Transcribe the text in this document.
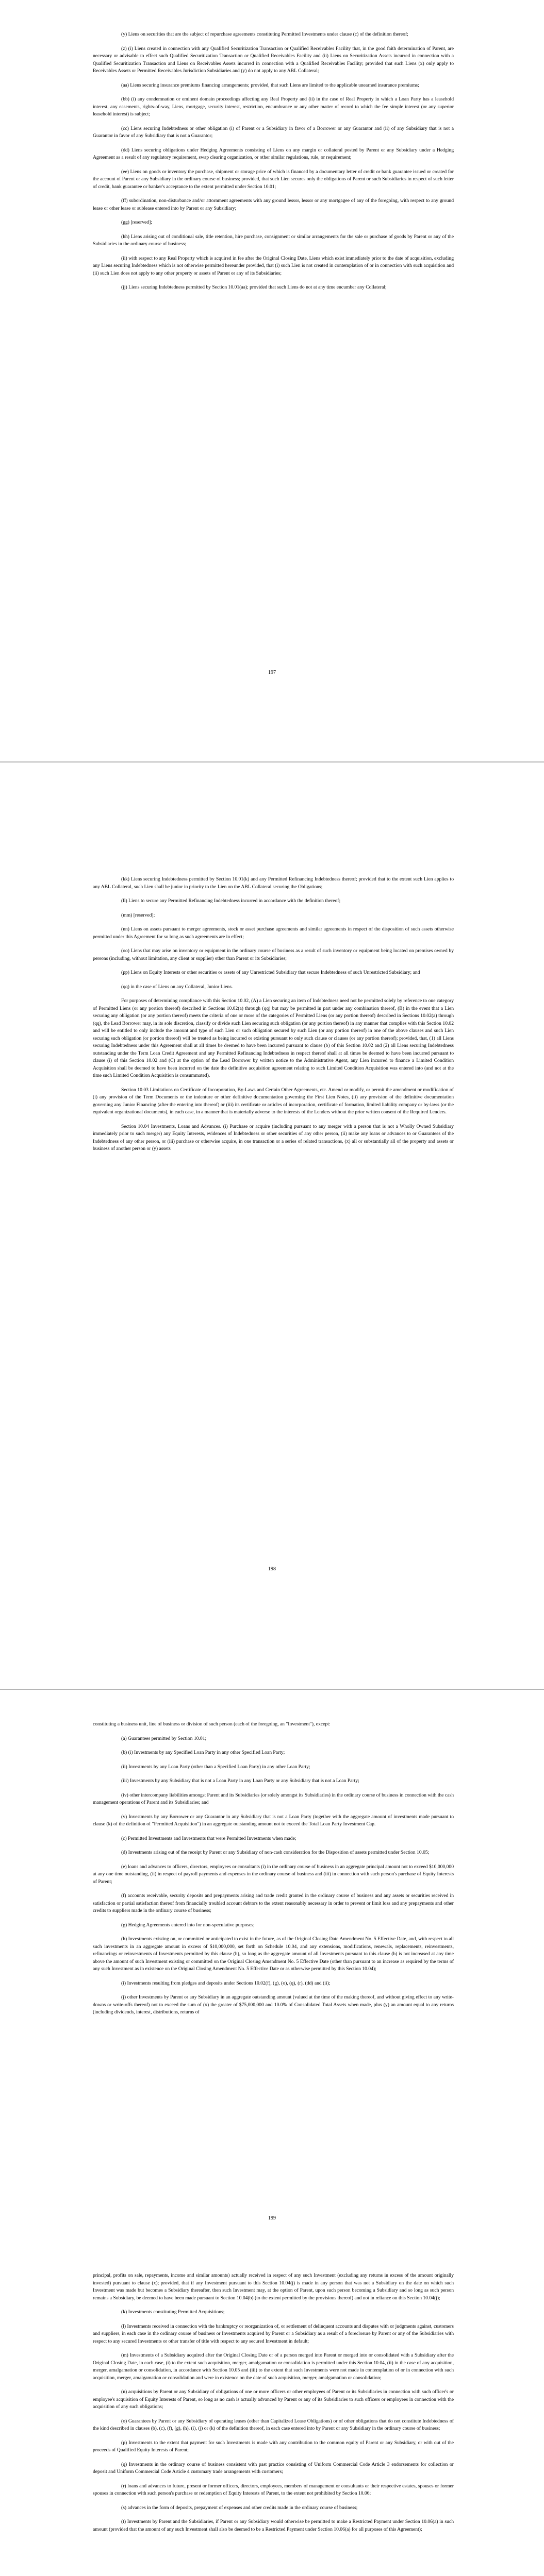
(y) Liens on securities that are the subject of repurchase agreements constituting Permitted Investments under clause (c) of the definition thereof;

(z) (i) Liens created in connection with any Qualified Securitization Transaction or Qualified Receivables Facility that, in the good faith determination of Parent, are necessary or advisable to effect such Qualified Securitization Transaction or Qualified Receivables Facility and (ii) Liens on Securitization Assets incurred in connection with a Qualified Securitization Transaction and Liens on Receivables Assets incurred in connection with a Qualified Receivables Facility; provided that such Liens (x) only apply to Receivables Assets or Permitted Receivables Jurisdiction Subsidiaries and (y) do not apply to any ABL Collateral;

(aa) Liens securing insurance premiums financing arrangements; provided, that such Liens are limited to the applicable unearned insurance premiums;

(bb) (i) any condemnation or eminent domain proceedings affecting any Real Property and (ii) in the case of Real Property in which a Loan Party has a leasehold interest, any easements, rights-of-way, Liens, mortgage, security interest, restriction, encumbrance or any other matter of record to which the fee simple interest (or any superior leasehold interest) is subject;

(cc) Liens securing Indebtedness or other obligation (i) of Parent or a Subsidiary in favor of a Borrower or any Guarantor and (ii) of any Subsidiary that is not a Guarantor in favor of any Subsidiary that is not a Guarantor;

(dd) Liens securing obligations under Hedging Agreements consisting of Liens on any margin or collateral posted by Parent or any Subsidiary under a Hedging Agreement as a result of any regulatory requirement, swap clearing organization, or other similar regulations, rule, or requirement;

(ee) Liens on goods or inventory the purchase, shipment or storage price of which is financed by a documentary letter of credit or bank guarantee issued or created for the account of Parent or any Subsidiary in the ordinary course of business; provided, that such Lien secures only the obligations of Parent or such Subsidiaries in respect of such letter of credit, bank guarantee or banker's acceptance to the extent permitted under Section 10.01;

(ff) subordination, non-disturbance and/or attornment agreements with any ground lessor, lessor or any mortgagee of any of the foregoing, with respect to any ground lease or other lease or sublease entered into by Parent or any Subsidiary;

(gg) [reserved];

(hh) Liens arising out of conditional sale, title retention, hire purchase, consignment or similar arrangements for the sale or purchase of goods by Parent or any of the Subsidiaries in the ordinary course of business;

(ii) with respect to any Real Property which is acquired in fee after the Original Closing Date, Liens which exist immediately prior to the date of acquisition, excluding any Liens securing Indebtedness which is not otherwise permitted hereunder provided, that (i) such Lien is not created in contemplation of or in connection with such acquisition and (ii) such Lien does not apply to any other property or assets of Parent or any of its Subsidiaries;

(jj) Liens securing Indebtedness permitted by Section 10.01(aa); provided that such Liens do not at any time encumber any Collateral;

197

(kk) Liens securing Indebtedness permitted by Section 10.01(k) and any Permitted Refinancing Indebtedness thereof; provided that to the extent such Lien applies to any ABL Collateral, such Lien shall be junior in priority to the Lien on the ABL Collateral securing the Obligations;

(ll) Liens to secure any Permitted Refinancing Indebtedness incurred in accordance with the definition thereof;

(mm) [reserved];

(nn) Liens on assets pursuant to merger agreements, stock or asset purchase agreements and similar agreements in respect of the disposition of such assets otherwise permitted under this Agreement for so long as such agreements are in effect;

(oo) Liens that may arise on inventory or equipment in the ordinary course of business as a result of such inventory or equipment being located on premises owned by persons (including, without limitation, any client or supplier) other than Parent or its Subsidiaries;

(pp) Liens on Equity Interests or other securities or assets of any Unrestricted Subsidiary that secure Indebtedness of such Unrestricted Subsidiary; and

(qq) in the case of Liens on any Collateral, Junior Liens.

For purposes of determining compliance with this Section 10.02, (A) a Lien securing an item of Indebtedness need not be permitted solely by reference to one category of Permitted Liens (or any portion thereof) described in Sections 10.02(a) through (qq) but may be permitted in part under any combination thereof, (B) in the event that a Lien securing any obligation (or any portion thereof) meets the criteria of one or more of the categories of Permitted Liens (or any portion thereof) described in Sections 10.02(a) through (qq), the Lead Borrower may, in its sole discretion, classify or divide such Lien securing such obligation (or any portion thereof) in any manner that complies with this Section 10.02 and will be entitled to only include the amount and type of such Lien or such obligation secured by such Lien (or any portion thereof) in one of the above clauses and such Lien securing such obligation (or portion thereof) will be treated as being incurred or existing pursuant to only such clause or clauses (or any portion thereof); provided, that, (1) all Liens securing Indebtedness under this Agreement shall at all times be deemed to have been incurred pursuant to clause (b) of this Section 10.02 and (2) all Liens securing Indebtedness outstanding under the Term Loan Credit Agreement and any Permitted Refinancing Indebtedness in respect thereof shall at all times be deemed to have been incurred pursuant to clause (i) of this Section 10.02 and (C) at the option of the Lead Borrower by written notice to the Administrative Agent, any Lien incurred to finance a Limited Condition Acquisition shall be deemed to have been incurred on the date the definitive acquisition agreement relating to such Limited Condition Acquisition was entered into (and not at the time such Limited Condition Acquisition is consummated).

Section 10.03 Limitations on Certificate of Incorporation, By-Laws and Certain Other Agreements, etc. Amend or modify, or permit the amendment or modification of (i) any provision of the Term Documents or the indenture or other definitive documentation governing the First Lien Notes, (ii) any provision of the definitive documentation governing any Junior Financing (after the entering into thereof) or (iii) its certificate or articles of incorporation, certificate of formation, limited liability company or by-laws (or the equivalent organizational documents), in each case, in a manner that is materially adverse to the interests of the Lenders without the prior written consent of the Required Lenders.

Section 10.04 Investments, Loans and Advances. (i) Purchase or acquire (including pursuant to any merger with a person that is not a Wholly Owned Subsidiary immediately prior to such merger) any Equity Interests, evidences of Indebtedness or other securities of any other person, (ii) make any loans or advances to or Guarantees of the Indebtedness of any other person, or (iii) purchase or otherwise acquire, in one transaction or a series of related transactions, (x) all or substantially all of the property and assets or business of another person or (y) assets

198

constituting a business unit, line of business or division of such person (each of the foregoing, an "Investment"), except:

(a) Guarantees permitted by Section 10.01;

(b) (i) Investments by any Specified Loan Party in any other Specified Loan Party;

(ii) Investments by any Loan Party (other than a Specified Loan Party) in any other Loan Party;

(iii) Investments by any Subsidiary that is not a Loan Party in any Loan Party or any Subsidiary that is not a Loan Party;

(iv) other intercompany liabilities amongst Parent and its Subsidiaries (or solely amongst its Subsidiaries) in the ordinary course of business in connection with the cash management operations of Parent and its Subsidiaries; and

(v) Investments by any Borrower or any Guarantor in any Subsidiary that is not a Loan Party (together with the aggregate amount of investments made pursuant to clause (k) of the definition of "Permitted Acquisition") in an aggregate outstanding amount not to exceed the Total Loan Party Investment Cap.

(c) Permitted Investments and Investments that were Permitted Investments when made;

(d) Investments arising out of the receipt by Parent or any Subsidiary of non-cash consideration for the Disposition of assets permitted under Section 10.05;

(e) loans and advances to officers, directors, employees or consultants (i) in the ordinary course of business in an aggregate principal amount not to exceed $10,000,000 at any one time outstanding, (ii) in respect of payroll payments and expenses in the ordinary course of business and (iii) in connection with such person's purchase of Equity Interests of Parent;

(f) accounts receivable, security deposits and prepayments arising and trade credit granted in the ordinary course of business and any assets or securities received in satisfaction or partial satisfaction thereof from financially troubled account debtors to the extent reasonably necessary in order to prevent or limit loss and any prepayments and other credits to suppliers made in the ordinary course of business;

(g) Hedging Agreements entered into for non-speculative purposes;

(h) Investments existing on, or committed or anticipated to exist in the future, as of the Original Closing Date Amendment No. 5 Effective Date, and, with respect to all such investments in an aggregate amount in excess of $10,000,000, set forth on Schedule 10.04, and any extensions, modifications, renewals, replacements, reinvestments, refinancings or reinvestments of Investments permitted by this clause (h), so long as the aggregate amount of all Investments pursuant to this clause (h) is not increased at any time above the amount of such Investment existing or committed on the Original Closing Amendment No. 5 Effective Date (other than pursuant to an increase as required by the terms of any such Investment as in existence on the Original Closing Amendment No. 5 Effective Date or as otherwise permitted by this Section 10.04);

(i) Investments resulting from pledges and deposits under Sections 10.02(f), (g), (o), (q), (r), (dd) and (ii);

(j) other Investments by Parent or any Subsidiary in an aggregate outstanding amount (valued at the time of the making thereof, and without giving effect to any write-downs or write-offs thereof) not to exceed the sum of (x) the greater of $75,000,000 and 10.0% of Consolidated Total Assets when made, plus (y) an amount equal to any returns (including dividends, interest, distributions, returns of

199

principal, profits on sale, repayments, income and similar amounts) actually received in respect of any such Investment (excluding any returns in excess of the amount originally invested) pursuant to clause (x); provided, that if any Investment pursuant to this Section 10.04(j) is made in any person that was not a Subsidiary on the date on which such Investment was made but becomes a Subsidiary thereafter, then such Investment may, at the option of Parent, upon such person becoming a Subsidiary and so long as such person remains a Subsidiary, be deemed to have been made pursuant to Section 10.04(b) (to the extent permitted by the provisions thereof) and not in reliance on this Section 10.04(j);

(k) Investments constituting Permitted Acquisitions;

(l) Investments received in connection with the bankruptcy or reorganization of, or settlement of delinquent accounts and disputes with or judgments against, customers and suppliers, in each case in the ordinary course of business or Investments acquired by Parent or a Subsidiary as a result of a foreclosure by Parent or any of the Subsidiaries with respect to any secured Investments or other transfer of title with respect to any secured Investment in default;

(m) Investments of a Subsidiary acquired after the Original Closing Date or of a person merged into Parent or merged into or consolidated with a Subsidiary after the Original Closing Date, in each case, (i) to the extent such acquisition, merger, amalgamation or consolidation is permitted under this Section 10.04, (ii) in the case of any acquisition, merger, amalgamation or consolidation, in accordance with Section 10.05 and (iii) to the extent that such Investments were not made in contemplation of or in connection with such acquisition, merger, amalgamation or consolidation and were in existence on the date of such acquisition, merger, amalgamation or consolidation;

(n) acquisitions by Parent or any Subsidiary of obligations of one or more officers or other employees of Parent or its Subsidiaries in connection with such officer's or employee's acquisition of Equity Interests of Parent, so long as no cash is actually advanced by Parent or any of its Subsidiaries to such officers or employees in connection with the acquisition of any such obligations;

(o) Guarantees by Parent or any Subsidiary of operating leases (other than Capitalized Lease Obligations) or of other obligations that do not constitute Indebtedness of the kind described in clauses (b), (c), (f), (g), (h), (i), (j) or (k) of the definition thereof, in each case entered into by Parent or any Subsidiary in the ordinary course of business;

(p) Investments to the extent that payment for such Investments is made with any contribution to the common equity of Parent or any Subsidiary, or with out of the proceeds of Qualified Equity Interests of Parent;

(q) Investments in the ordinary course of business consistent with past practice consisting of Uniform Commercial Code Article 3 endorsements for collection or deposit and Uniform Commercial Code Article 4 customary trade arrangements with customers;

(r) loans and advances to future, present or former officers, directors, employees, members of management or consultants or their respective estates, spouses or former spouses in connection with such person's purchase or redemption of Equity Interests of Parent, to the extent not prohibited by Section 10.06;

(s) advances in the form of deposits, prepayment of expenses and other credits made in the ordinary course of business;

(t) Investments by Parent and the Subsidiaries, if Parent or any Subsidiary would otherwise be permitted to make a Restricted Payment under Section 10.06(a) in such amount (provided that the amount of any such Investment shall also be deemed to be a Restricted Payment under Section 10.06(a) for all purposes of this Agreement);
